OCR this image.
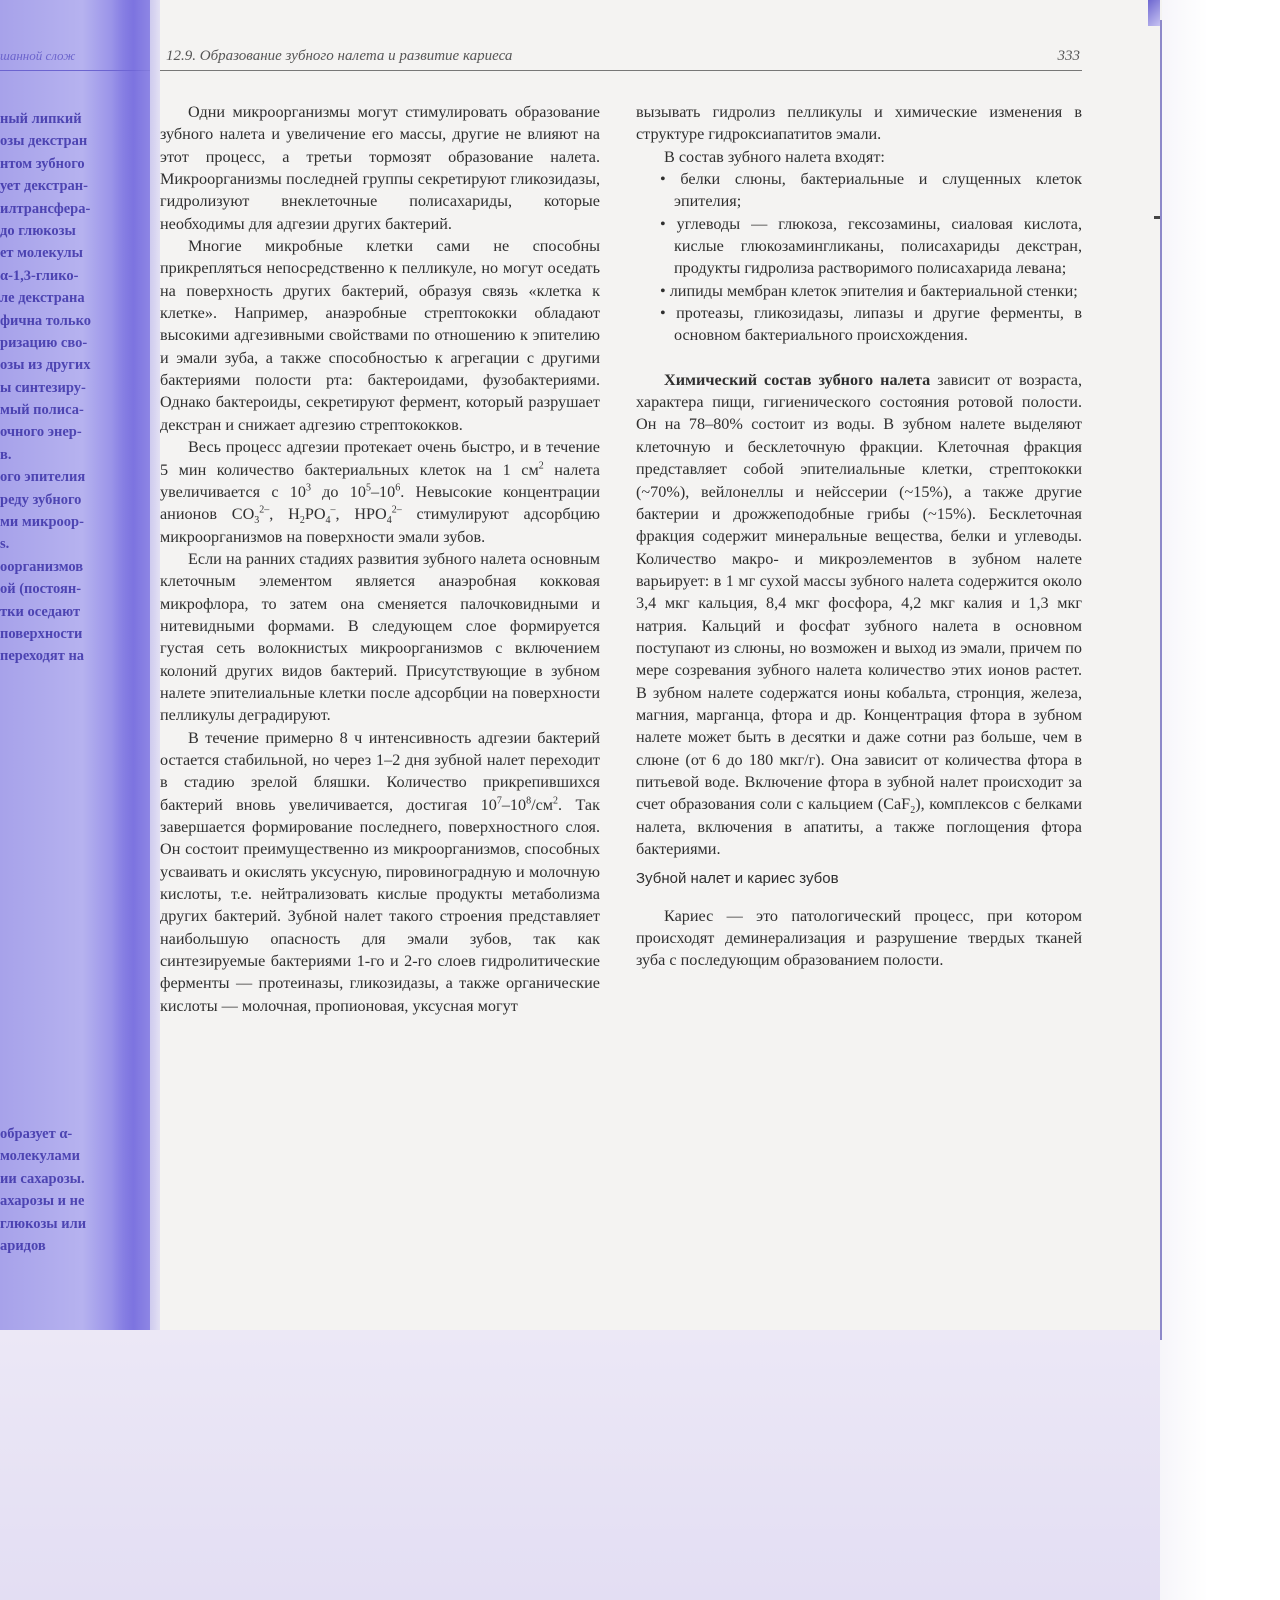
шанной слож
ный липкий
озы декстран
нтом зубного
ует декстран-
илтрансфера-
до глюкозы
ет молекулы
α-1,3-глико-
ле декстрана
фична только
ризацию сво-
озы из других
ы синтезиру-
мый полиса-
очного энер-
в.
ого эпителия
реду зубного
ми микроор-
s.
оорганизмов
ой (постоян-
тки оседают
поверхности
переходят на
образует α-
молекулами
ии сахарозы.
ахарозы и не
глюкозы или
аридов
12.9. Образование зубного налета и развитие кариеса	333

Одни микроорганизмы могут стимулировать образование зубного налета и увеличение его массы, другие не влияют на этот процесс, а третьи тормозят образование налета. Микроорганизмы последней группы секретируют гликозидазы, гидролизуют внеклеточные полисахариды, которые необходимы для адгезии других бактерий.

Многие микробные клетки сами не способны прикрепляться непосредственно к пелликуле, но могут оседать на поверхность других бактерий, образуя связь «клетка к клетке». Например, анаэробные стрептококки обладают высокими адгезивными свойствами по отношению к эпителию и эмали зуба, а также способностью к агрегации с другими бактериями полости рта: бактероидами, фузобактериями. Однако бактероиды, секретируют фермент, который разрушает декстран и снижает адгезию стрептококков.

Весь процесс адгезии протекает очень быстро, и в течение 5 мин количество бактериальных клеток на 1 $см^2$ налета увеличивается с $10^3$ до $10^5-10^6$. Невысокие концентрации анионов $CO_3^{2-}$, $H_2PO_4^-$, $HPO_4^{2-}$ стимулируют адсорбцию микроорганизмов на поверхности эмали зубов.

Если на ранних стадиях развития зубного налета основным клеточным элементом является анаэробная кокковая микрофлора, то затем она сменяется палочковидными и нитевидными формами. В следующем слое формируется густая сеть волокнистых микроорганизмов с включением колоний других видов бактерий. Присутствующие в зубном налете эпителиальные клетки после адсорбции на поверхности пелликулы деградируют.

В течение примерно 8 ч интенсивность адгезии бактерий остается стабильной, но через 1–2 дня зубной налет переходит в стадию зрелой бляшки. Количество прикрепившихся бактерий вновь увеличивается, достигая $10^7-10^8/см^2$. Так завершается формирование последнего, поверхностного слоя. Он состоит преимущественно из микроорганизмов, способных усваивать и окислять уксусную, пировиноградную и молочную кислоты, т.е. нейтрализовать кислые продукты метаболизма других бактерий. Зубной налет такого строения представляет наибольшую опасность для эмали зубов, так как синтезируемые бактериями 1-го и 2-го слоев гидролитические ферменты — протеиназы, гликозидазы, а также органические кислоты — молочная, пропионовая, уксусная могут

вызывать гидролиз пелликулы и химические изменения в структуре гидроксиапатитов эмали.

В состав зубного налета входят:

• белки слюны, бактериальные и слущенных клеток эпителия;
• углеводы — глюкоза, гексозамины, сиаловая кислота, кислые глюкозамингликаны, полисахариды декстран, продукты гидролиза растворимого полисахарида левана;
• липиды мембран клеток эпителия и бактериальной стенки;
• протеазы, гликозидазы, липазы и другие ферменты, в основном бактериального происхождения.

Химический состав зубного налета зависит от возраста, характера пищи, гигиенического состояния ротовой полости. Он на 78–80% состоит из воды. В зубном налете выделяют клеточную и бесклеточную фракции. Клеточная фракция представляет собой эпителиальные клетки, стрептококки (~70%), вейлонеллы и нейссерии (~15%), а также другие бактерии и дрожжеподобные грибы (~15%). Бесклеточная фракция содержит минеральные вещества, белки и углеводы. Количество макро- и микроэлементов в зубном налете варьирует: в 1 мг сухой массы зубного налета содержится около 3,4 мкг кальция, 8,4 мкг фосфора, 4,2 мкг калия и 1,3 мкг натрия. Кальций и фосфат зубного налета в основном поступают из слюны, но возможен и выход из эмали, причем по мере созревания зубного налета количество этих ионов растет. В зубном налете содержатся ионы кобальта, стронция, железа, магния, марганца, фтора и др. Концентрация фтора в зубном налете может быть в десятки и даже сотни раз больше, чем в слюне (от 6 до 180 мкг/г). Она зависит от количества фтора в питьевой воде. Включение фтора в зубной налет происходит за счет образования соли с кальцием (CaF$_2$), комплексов с белками налета, включения в апатиты, а также поглощения фтора бактериями.

Зубной налет и кариес зубов

Кариес — это патологический процесс, при котором происходят деминерализация и разрушение твердых тканей зуба с последующим образованием полости.
